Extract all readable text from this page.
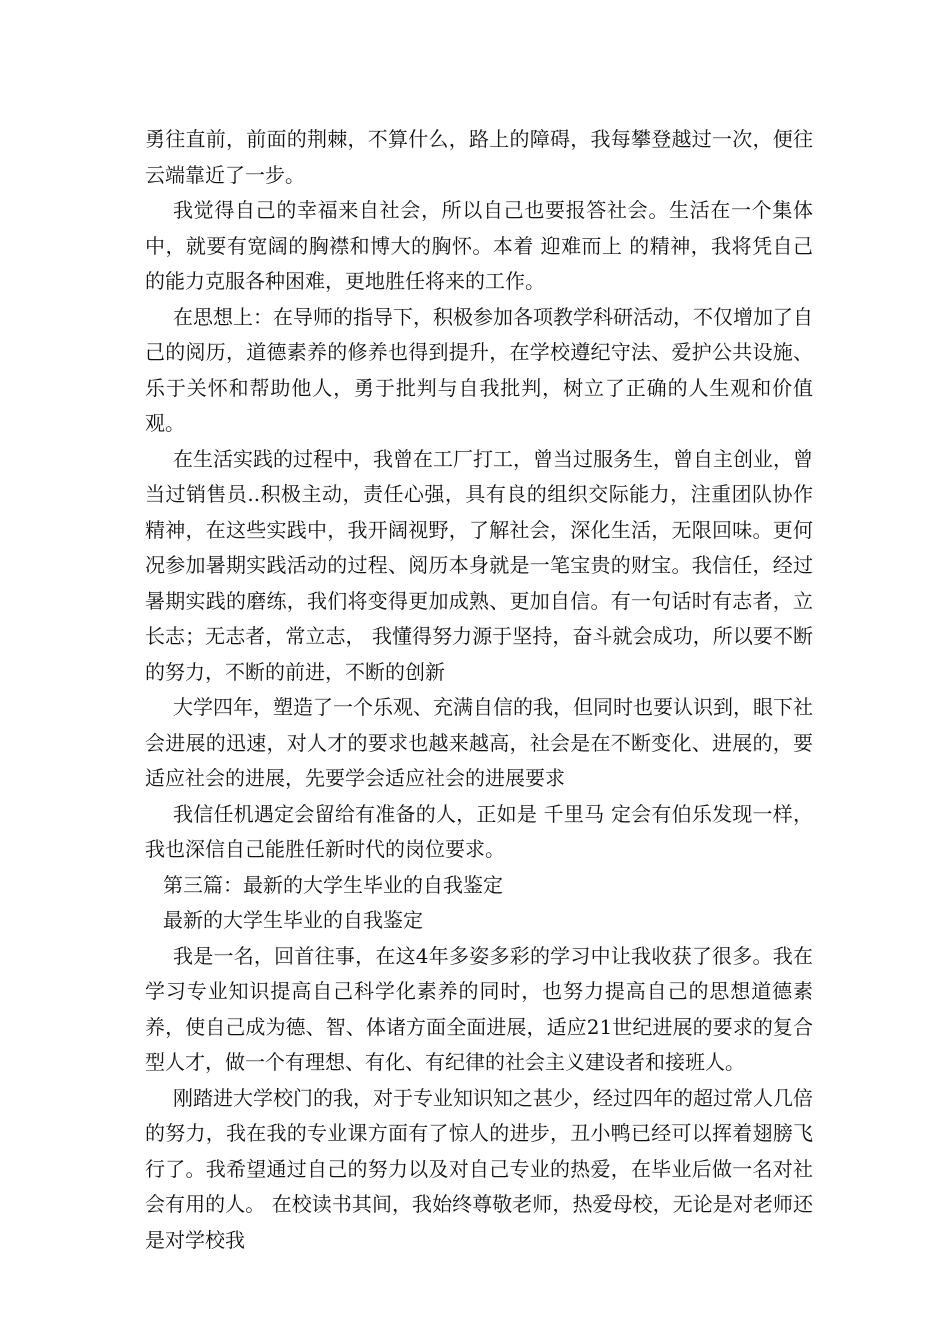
勇往直前，前面的荆棘，不算什么，路上的障碍，我每攀登越过一次，便往云端靠近了一步。

我觉得自己的幸福来自社会，所以自己也要报答社会。生活在一个集体中，就要有宽阔的胸襟和博大的胸怀。本着 迎难而上 的精神，我将凭自己的能力克服各种困难，更地胜任将来的工作。

在思想上：在导师的指导下，积极参加各项教学科研活动，不仅增加了自己的阅历，道德素养的修养也得到提升，在学校遵纪守法、爱护公共设施、乐于关怀和帮助他人，勇于批判与自我批判，树立了正确的人生观和价值观。

在生活实践的过程中，我曾在工厂打工，曾当过服务生，曾自主创业，曾当过销售员..积极主动，责任心强，具有良的组织交际能力，注重团队协作精神，在这些实践中，我开阔视野，了解社会，深化生活，无限回味。更何况参加暑期实践活动的过程、阅历本身就是一笔宝贵的财宝。我信任，经过暑期实践的磨练，我们将变得更加成熟、更加自信。有一句话时有志者，立长志；无志者，常立志， 我懂得努力源于坚持，奋斗就会成功，所以要不断的努力，不断的前进，不断的创新

大学四年，塑造了一个乐观、充满自信的我，但同时也要认识到，眼下社会进展的迅速，对人才的要求也越来越高，社会是在不断变化、进展的，要适应社会的进展，先要学会适应社会的进展要求

我信任机遇定会留给有准备的人，正如是 千里马 定会有伯乐发现一样，我也深信自己能胜任新时代的岗位要求。

第三篇：最新的大学生毕业的自我鉴定

最新的大学生毕业的自我鉴定

我是一名，回首往事，在这4年多姿多彩的学习中让我收获了很多。我在学习专业知识提高自己科学化素养的同时，也努力提高自己的思想道德素养，使自己成为德、智、体诸方面全面进展，适应21世纪进展的要求的复合型人才，做一个有理想、有化、有纪律的社会主义建设者和接班人。

刚踏进大学校门的我，对于专业知识知之甚少，经过四年的超过常人几倍的努力，我在我的专业课方面有了惊人的进步，丑小鸭已经可以挥着翅膀飞行了。我希望通过自己的努力以及对自己专业的热爱，在毕业后做一名对社会有用的人。 在校读书其间，我始终尊敬老师，热爱母校，无论是对老师还是对学校我
